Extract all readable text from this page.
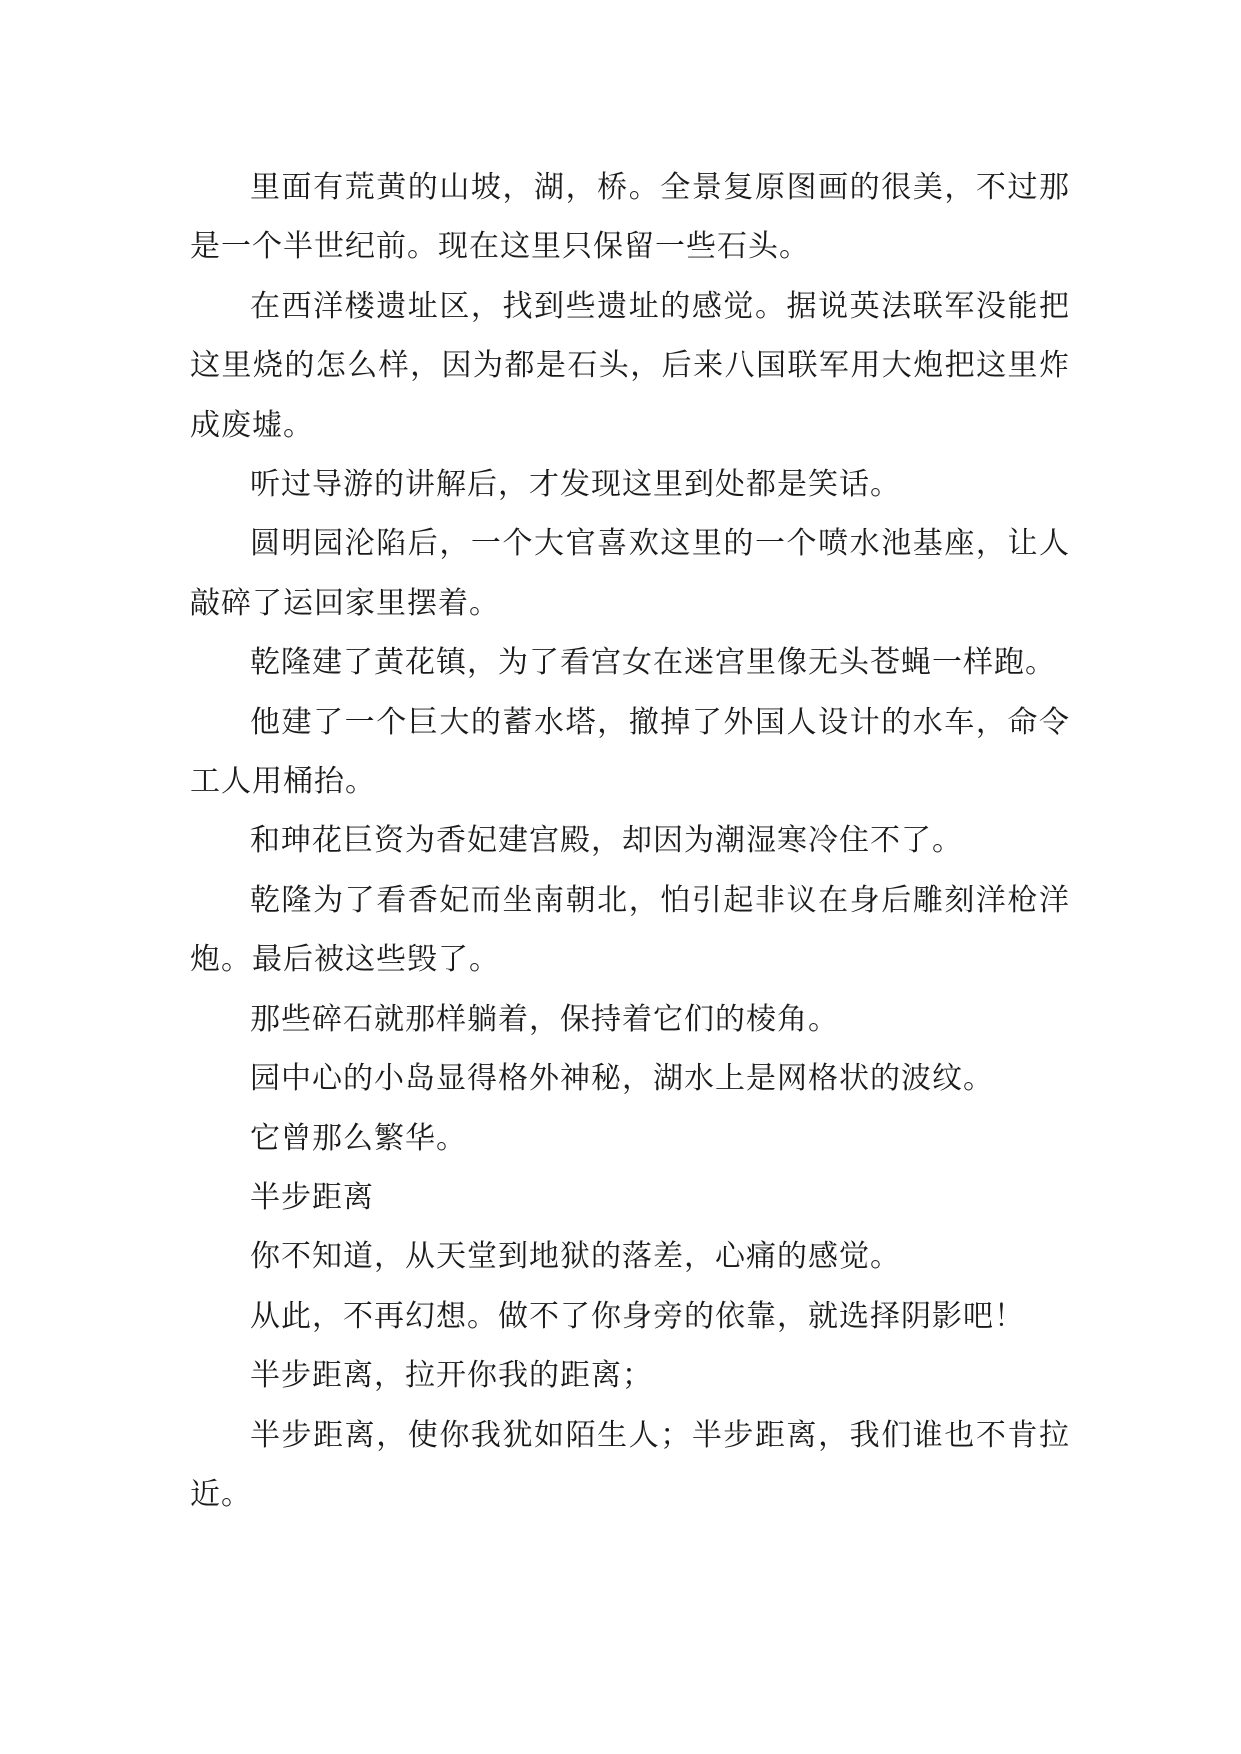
里面有荒黄的山坡，湖，桥。全景复原图画的很美，不过那是一个半世纪前。现在这里只保留一些石头。

在西洋楼遗址区，找到些遗址的感觉。据说英法联军没能把这里烧的怎么样，因为都是石头，后来八国联军用大炮把这里炸成废墟。

听过导游的讲解后，才发现这里到处都是笑话。

圆明园沦陷后，一个大官喜欢这里的一个喷水池基座，让人敲碎了运回家里摆着。

乾隆建了黄花镇，为了看宫女在迷宫里像无头苍蝇一样跑。

他建了一个巨大的蓄水塔，撤掉了外国人设计的水车，命令工人用桶抬。

和珅花巨资为香妃建宫殿，却因为潮湿寒冷住不了。

乾隆为了看香妃而坐南朝北，怕引起非议在身后雕刻洋枪洋炮。最后被这些毁了。

那些碎石就那样躺着，保持着它们的棱角。

园中心的小岛显得格外神秘，湖水上是网格状的波纹。

它曾那么繁华。

半步距离

你不知道，从天堂到地狱的落差，心痛的感觉。

从此，不再幻想。做不了你身旁的依靠，就选择阴影吧！

半步距离，拉开你我的距离；

半步距离，使你我犹如陌生人；半步距离，我们谁也不肯拉近。
